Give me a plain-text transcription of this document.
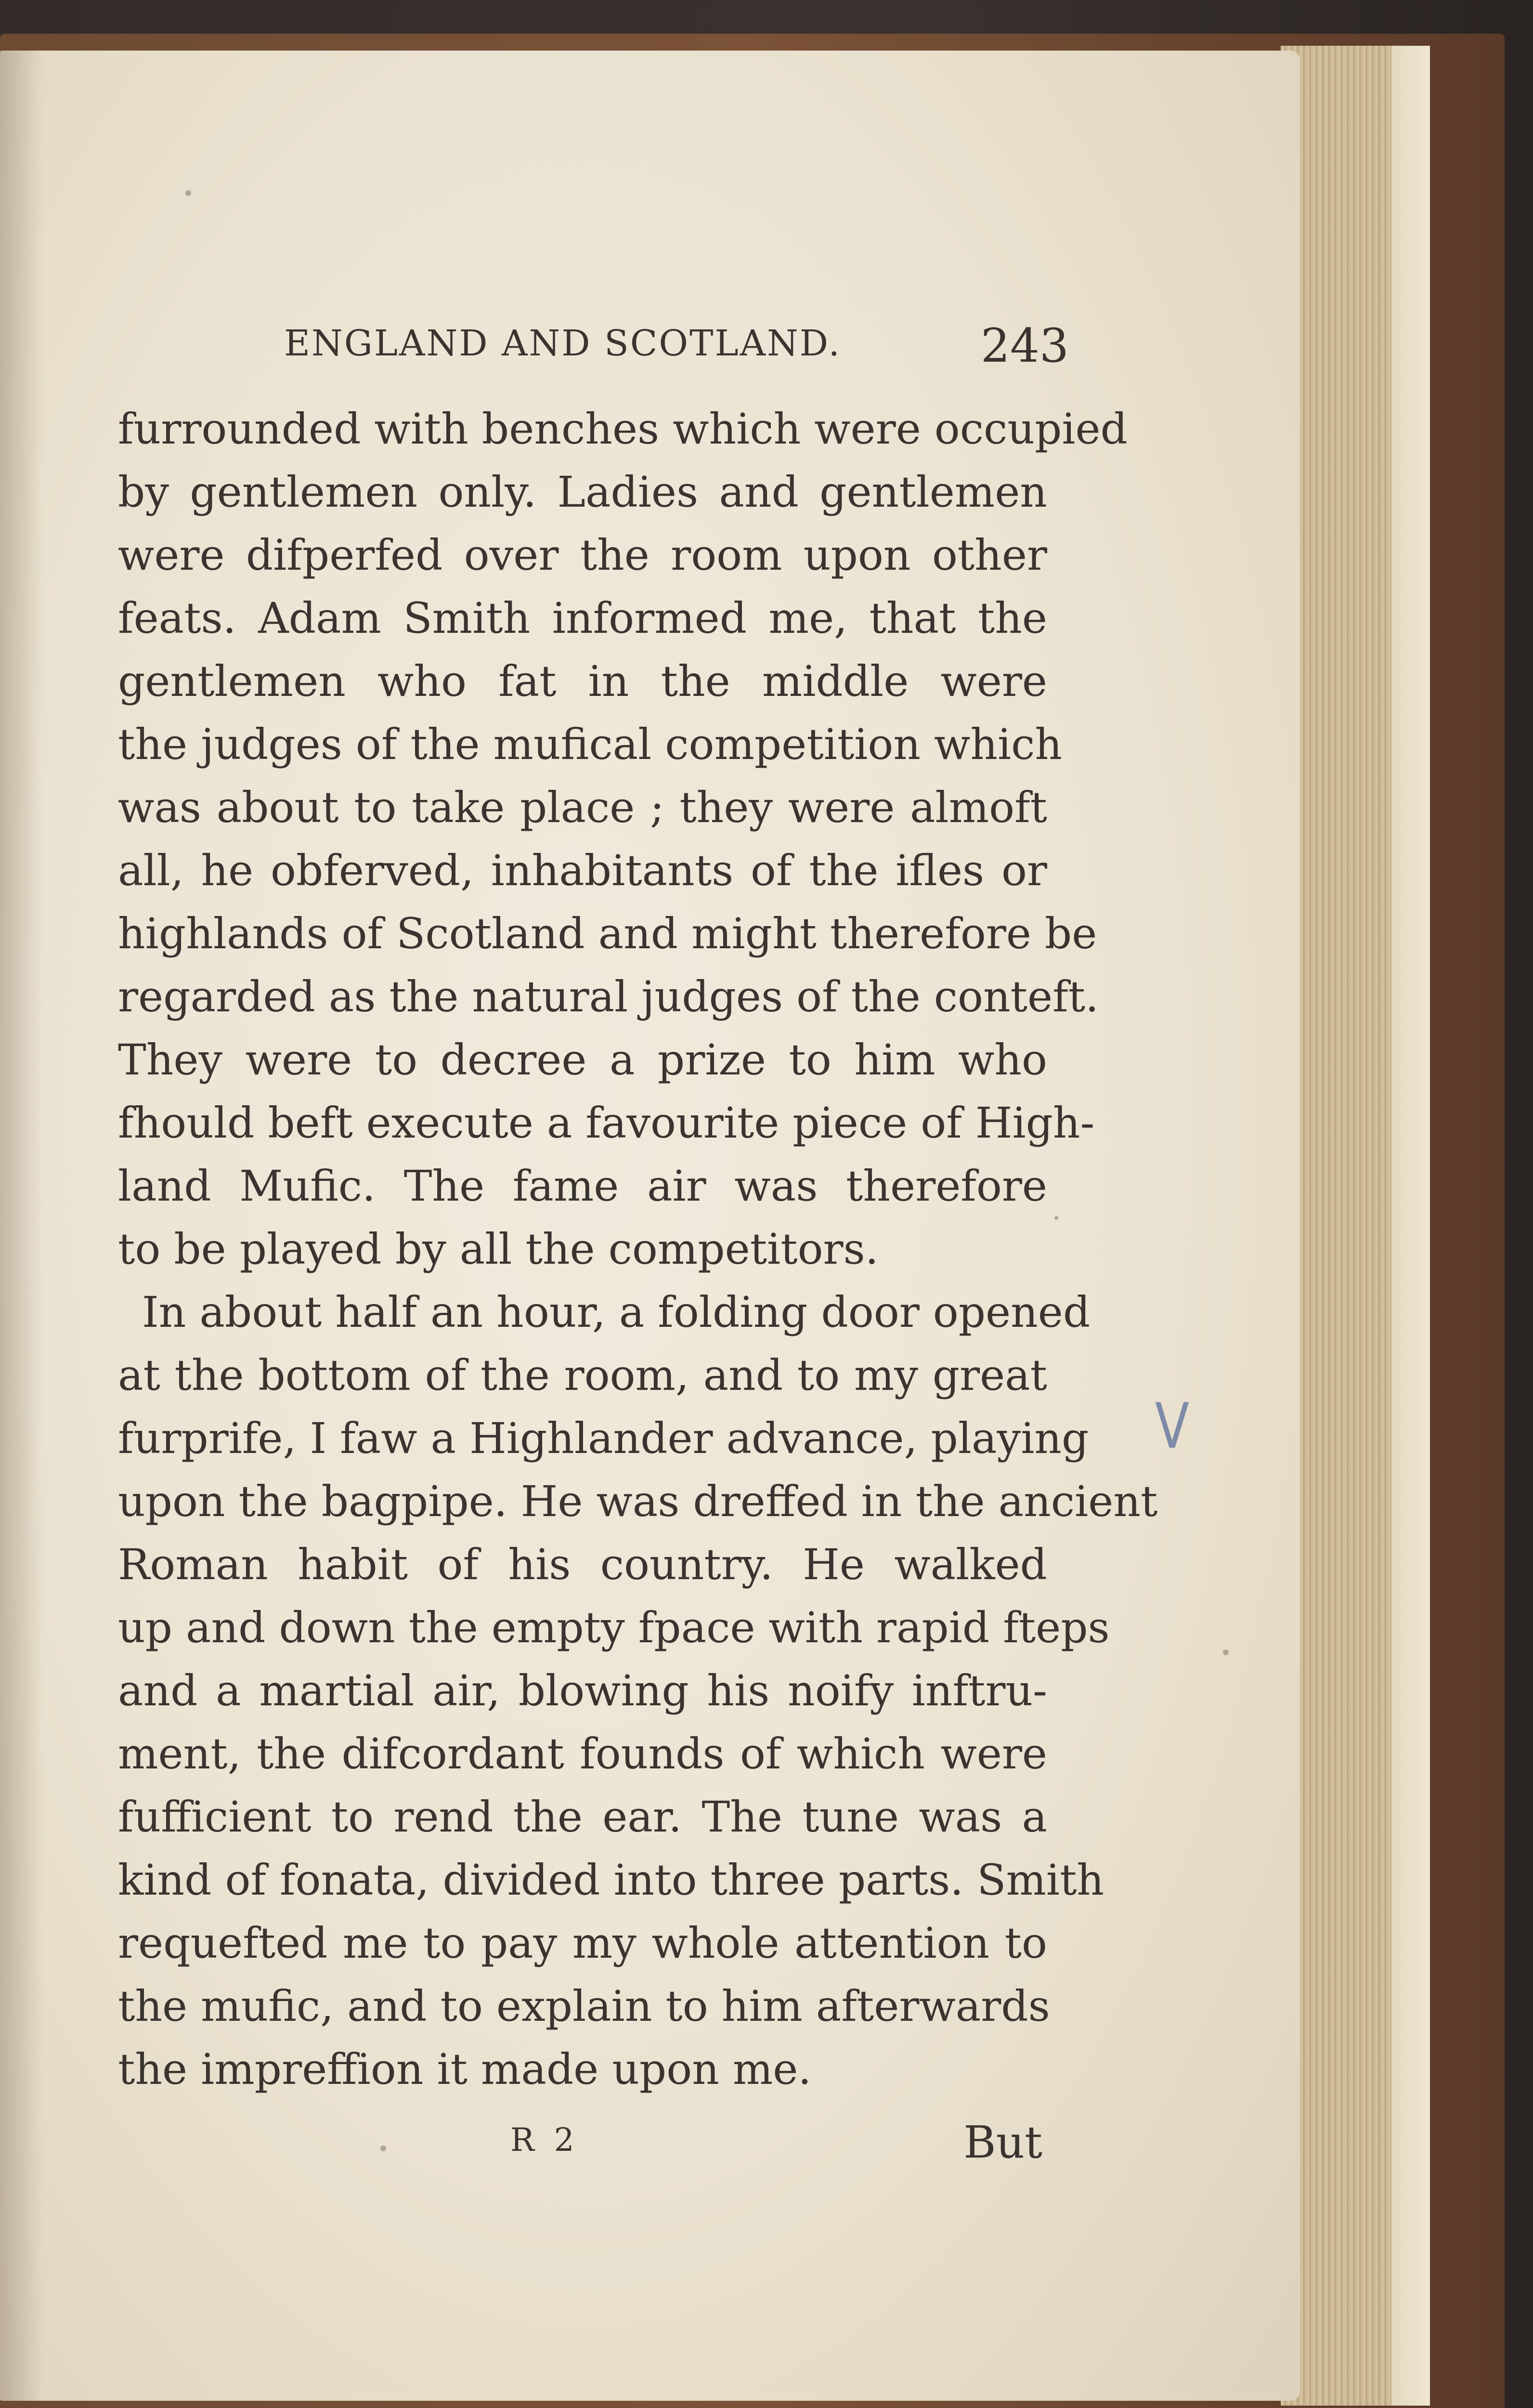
ENGLAND AND SCOTLAND.	243
furrounded with benches which were occupied
by gentlemen only. Ladies and gentlemen
were difperfed over the room upon other
feats. Adam Smith informed me, that the
gentlemen who fat in the middle were
the judges of the mufical competition which
was about to take place ; they were almoft
all, he obferved, inhabitants of the ifles or
highlands of Scotland and might therefore be
regarded as the natural judges of the conteft.
They were to decree a prize to him who
fhould beft execute a favourite piece of High-
land Mufic. The fame air was therefore
to be played by all the competitors.
In about half an hour, a folding door opened
at the bottom of the room, and to my great
furprife, I faw a Highlander advance, playing
upon the bagpipe. He was dreffed in the ancient
Roman habit of his country. He walked
up and down the empty fpace with rapid fteps
and a martial air, blowing his noify inftru-
ment, the difcordant founds of which were
fufficient to rend the ear. The tune was a
kind of fonata, divided into three parts. Smith
requefted me to pay my whole attention to
the mufic, and to explain to him afterwards
the impreffion it made upon me.
R 2	But
V
